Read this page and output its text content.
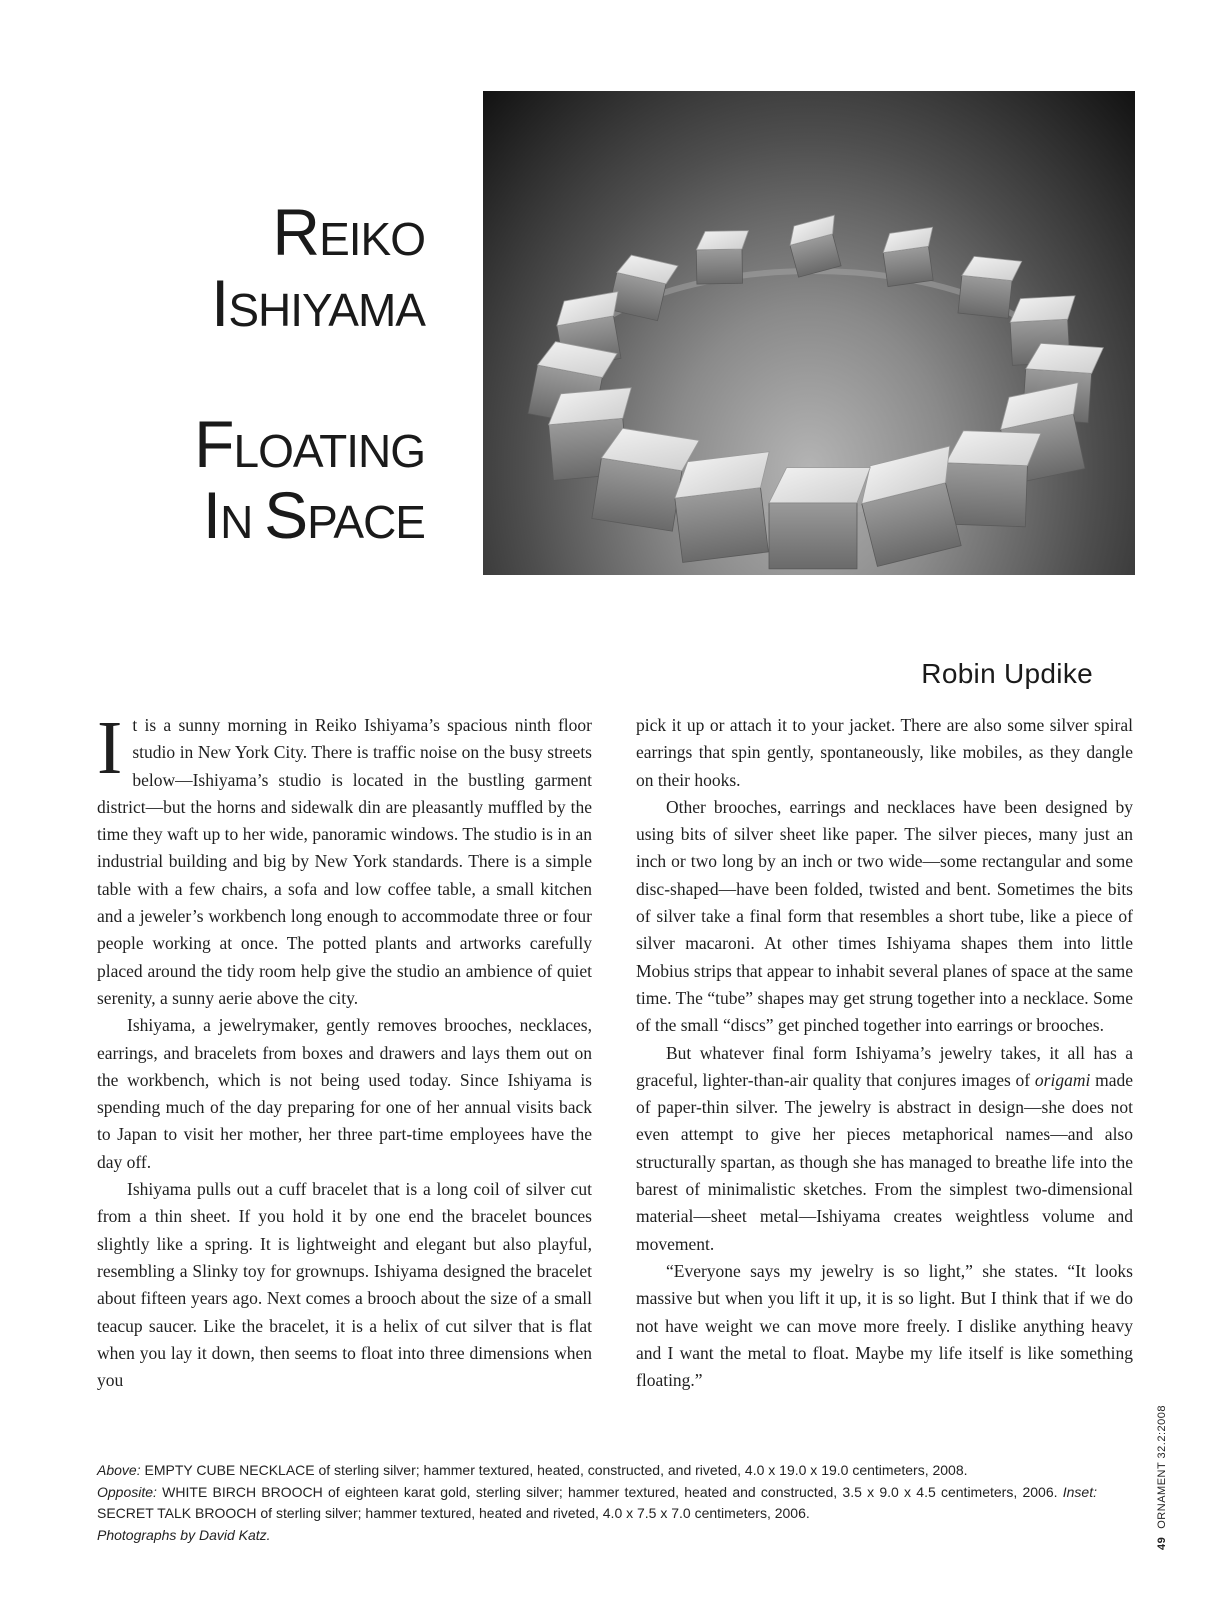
REIKO
ISHIYAMA
FLOATING
IN SPACE
Robin Updike

It is a sunny morning in Reiko Ishiyama’s spacious ninth floor studio in New York City. There is traffic noise on the busy streets below—Ishiyama’s studio is located in the bustling garment district—but the horns and sidewalk din are pleasantly muffled by the time they waft up to her wide, panoramic windows. The studio is in an industrial building and big by New York standards. There is a simple table with a few chairs, a sofa and low coffee table, a small kitchen and a jeweler’s workbench long enough to accommodate three or four people working at once. The potted plants and artworks carefully placed around the tidy room help give the studio an ambience of quiet serenity, a sunny aerie above the city.

Ishiyama, a jewelrymaker, gently removes brooches, necklaces, earrings, and bracelets from boxes and drawers and lays them out on the workbench, which is not being used today. Since Ishiyama is spending much of the day preparing for one of her annual visits back to Japan to visit her mother, her three part-time employees have the day off.

Ishiyama pulls out a cuff bracelet that is a long coil of silver cut from a thin sheet. If you hold it by one end the bracelet bounces slightly like a spring. It is lightweight and elegant but also playful, resembling a Slinky toy for grownups. Ishiyama designed the bracelet about fifteen years ago. Next comes a brooch about the size of a small teacup saucer. Like the bracelet, it is a helix of cut silver that is flat when you lay it down, then seems to float into three dimensions when you

pick it up or attach it to your jacket. There are also some silver spiral earrings that spin gently, spontaneously, like mobiles, as they dangle on their hooks.

Other brooches, earrings and necklaces have been designed by using bits of silver sheet like paper. The silver pieces, many just an inch or two long by an inch or two wide—some rectangular and some disc-shaped—have been folded, twisted and bent. Sometimes the bits of silver take a final form that resembles a short tube, like a piece of silver macaroni. At other times Ishiyama shapes them into little Mobius strips that appear to inhabit several planes of space at the same time. The “tube” shapes may get strung together into a necklace. Some of the small “discs” get pinched together into earrings or brooches.

But whatever final form Ishiyama’s jewelry takes, it all has a graceful, lighter-than-air quality that conjures images of origami made of paper-thin silver. The jewelry is abstract in design—she does not even attempt to give her pieces metaphorical names—and also structurally spartan, as though she has managed to breathe life into the barest of minimalistic sketches. From the simplest two-dimensional material—sheet metal—Ishiyama creates weightless volume and movement.

“Everyone says my jewelry is so light,” she states. “It looks massive but when you lift it up, it is so light. But I think that if we do not have weight we can move more freely. I dislike anything heavy and I want the metal to float. Maybe my life itself is like something floating.”

Above: EMPTY CUBE NECKLACE of sterling silver; hammer textured, heated, constructed, and riveted, 4.0 x 19.0 x 19.0 centimeters, 2008.
Opposite: WHITE BIRCH BROOCH of eighteen karat gold, sterling silver; hammer textured, heated and constructed, 3.5 x 9.0 x 4.5 centimeters, 2006. Inset: SECRET TALK BROOCH of sterling silver; hammer textured, heated and riveted, 4.0 x 7.5 x 7.0 centimeters, 2006.
Photographs by David Katz.
49ORNAMENT 32.2:2008
